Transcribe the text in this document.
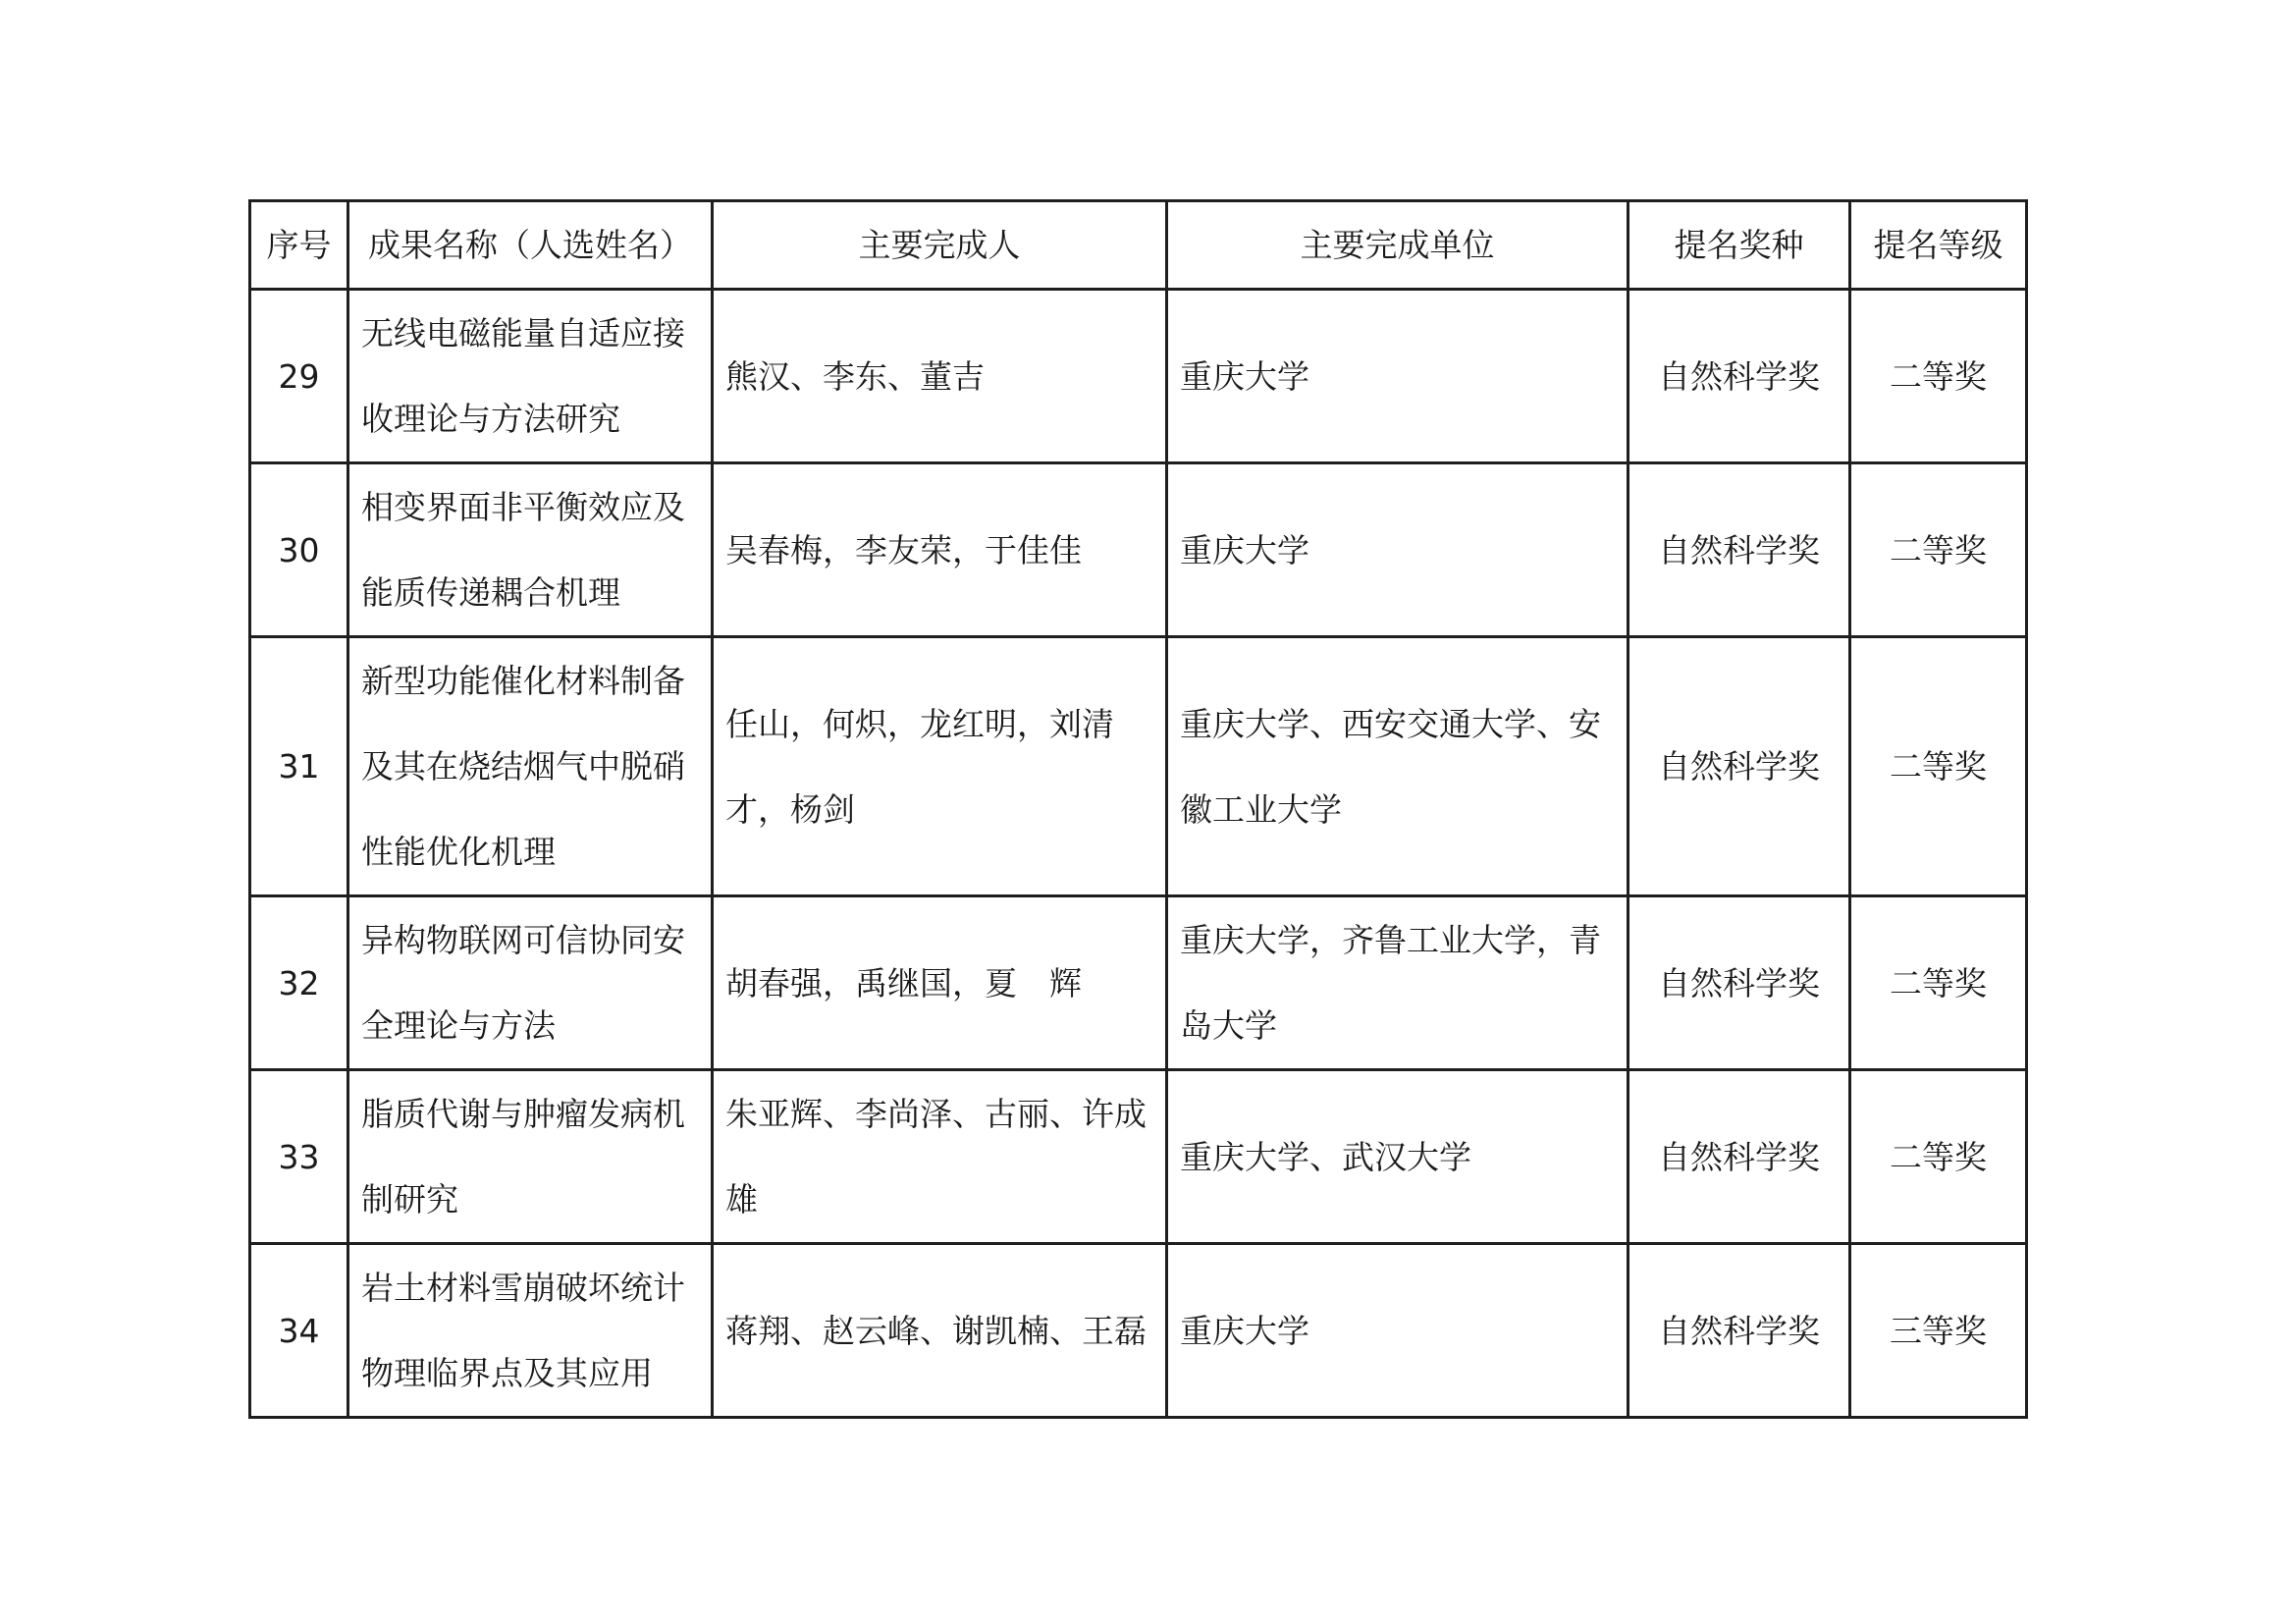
序号	成果名称（人选姓名）	主要完成人	主要完成单位	提名奖种	提名等级
29	无线电磁能量自适应接收理论与方法研究	熊汉、李东、董吉	重庆大学	自然科学奖	二等奖
30	相变界面非平衡效应及能质传递耦合机理	吴春梅，李友荣，于佳佳	重庆大学	自然科学奖	二等奖
31	新型功能催化材料制备及其在烧结烟气中脱硝性能优化机理	任山，何炽，龙红明，刘清才，杨剑	重庆大学、西安交通大学、安徽工业大学	自然科学奖	二等奖
32	异构物联网可信协同安全理论与方法	胡春强，禹继国，夏　辉	重庆大学，齐鲁工业大学，青岛大学	自然科学奖	二等奖
33	脂质代谢与肿瘤发病机制研究	朱亚辉、李尚泽、古丽、许成雄	重庆大学、武汉大学	自然科学奖	二等奖
34	岩土材料雪崩破坏统计物理临界点及其应用	蒋翔、赵云峰、谢凯楠、王磊	重庆大学	自然科学奖	三等奖
